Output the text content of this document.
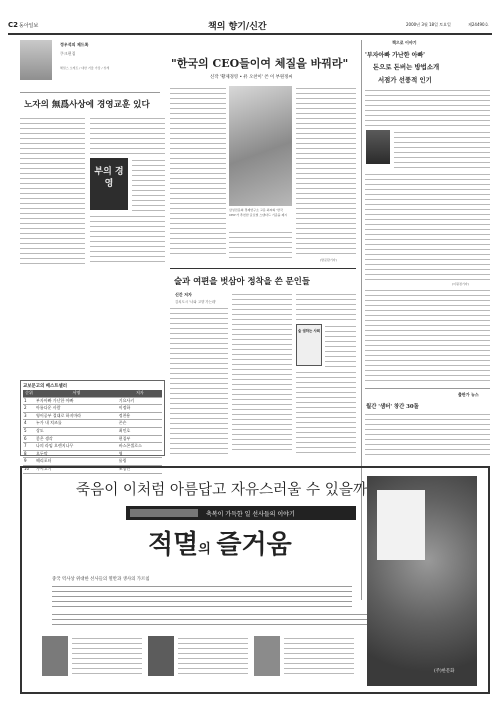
C2 동아일보	책의 향기/신간	2000년 3월 18일 토요일	제24490호
정우석의 제드록
쿠크편집
해밀스 오케트 / 대한 거울 가장 / 상세
노자의 無爲사상에 경영교훈 있다
부의 경영
"한국의 CEO들이여 체질을 바꿔라"
신작 '황제경영 • 퓨 오찬이' 쓴 이 부원정씨
삼성전문의 경제연구소 고문 최씨의 '한국 CEO'가 추천한 글로벌 스탠다드 기준을 제시
(방문환기자)
책으로 이야기
'부자아빠 가난한 아빠'
돈으로 돈버는 방법소개
서점가 선풍적 인기
(이원정기자)
술과 여편을 벗삼아 정착을 쓴 문인들
신간 저자
김치도시 '너와 고향 가는데'
술 권하는 사회
출판가 뉴스
월간 '샘터' 창간 30돌
교보문고의 베스트셀러
순위	서명	저자
1	부자아빠 가난한 아빠	기요사키
2	아름다운 사람	이정하
3	영어공부 절대로 하지마라	정찬용
4	누가 내 치즈를	존슨
5	상도	최인호
6	좋은 생각	편집부
7	나의 라임 오렌지나무	바스콘셀로스
8	오두막	영
9	해리포터	롤링
10	가시고기	조창인
죽음이 이처럼 아름답고 자유스러울 수 있을까
축복이 가득한 일 선사들의 이야기
적멸의 즐거움
중국 역사상 위대한 선사들의 열반과 생사의 가르침
(주)한문화
